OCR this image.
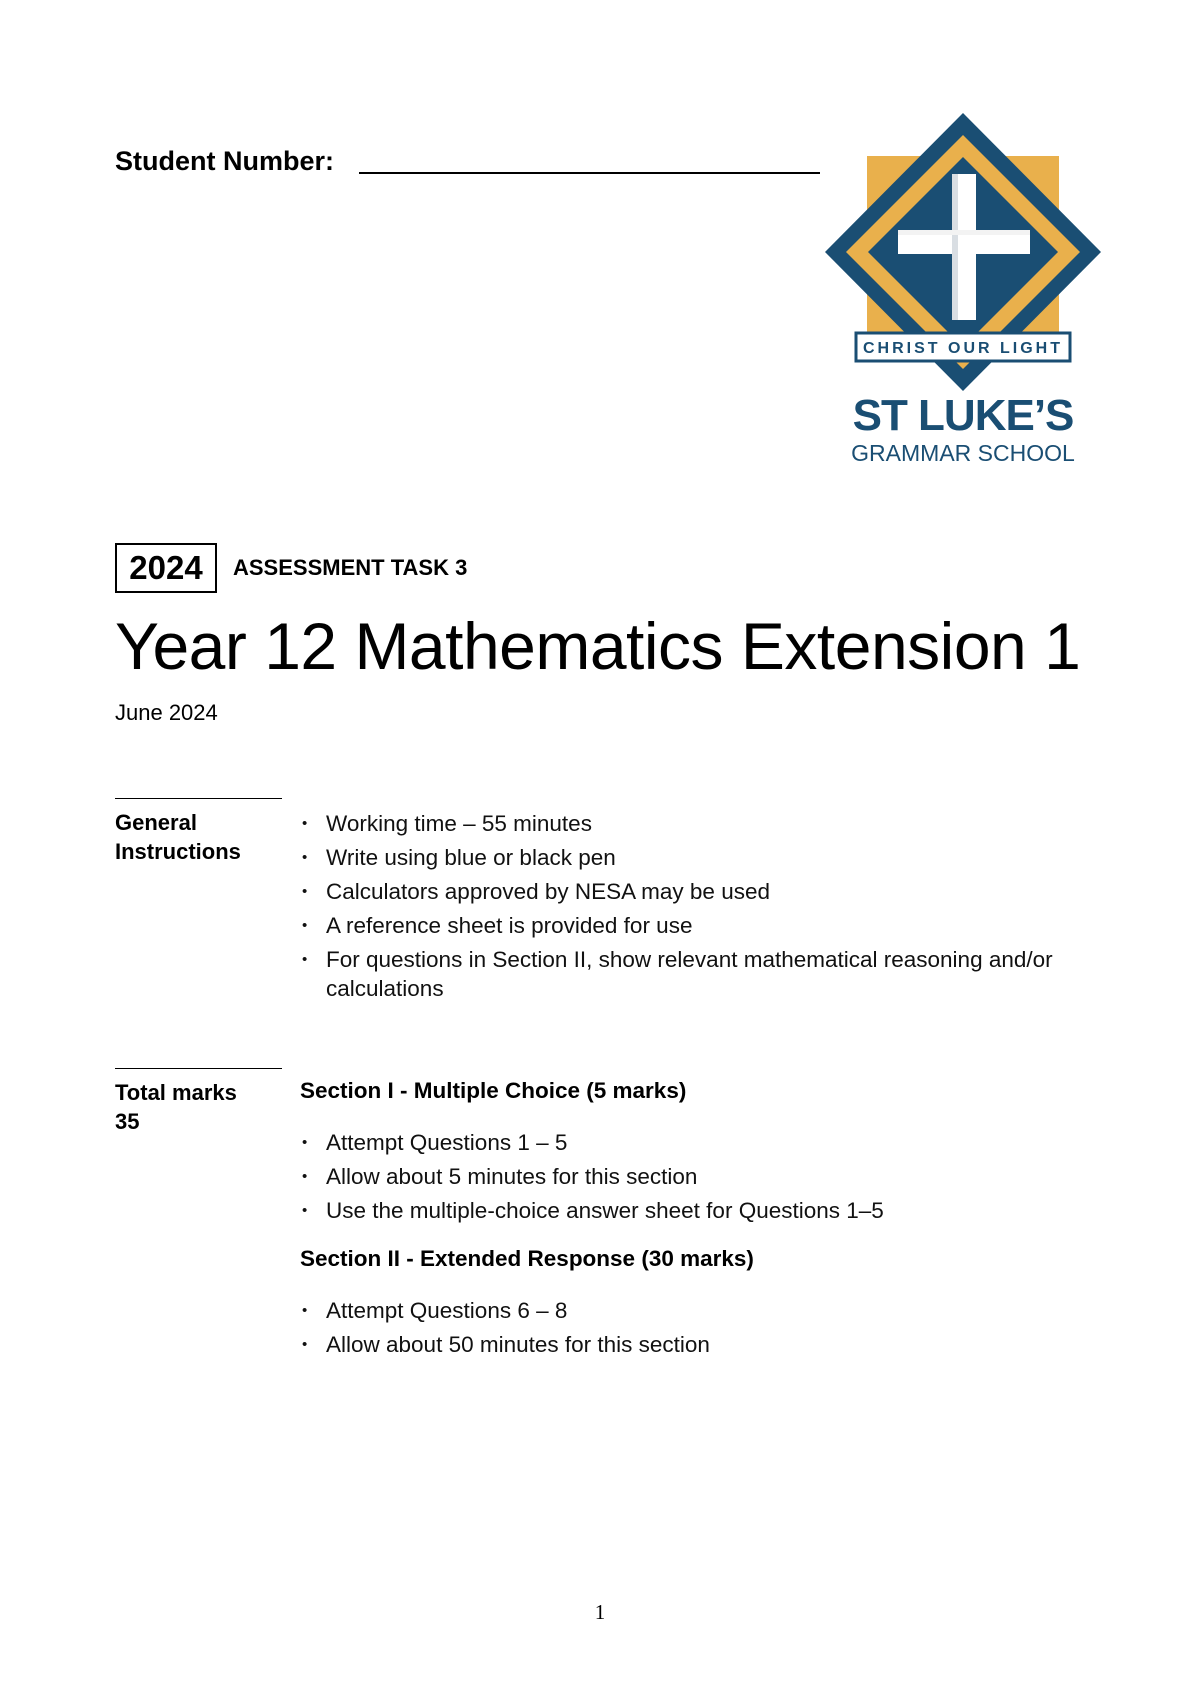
Student Number:
CHRIST OUR LIGHT
ST LUKE’S
GRAMMAR SCHOOL
2024	ASSESSMENT TASK 3
Year 12 Mathematics Extension 1
June 2024
General
Instructions
• Working time – 55 minutes
• Write using blue or black pen
• Calculators approved by NESA may be used
• A reference sheet is provided for use
• For questions in Section II, show relevant mathematical reasoning and/or calculations
Total marks
35
Section I - Multiple Choice (5 marks)
• Attempt Questions 1 – 5
• Allow about 5 minutes for this section
• Use the multiple-choice answer sheet for Questions 1–5
Section II - Extended Response (30 marks)
• Attempt Questions 6 – 8
• Allow about 50 minutes for this section
1
